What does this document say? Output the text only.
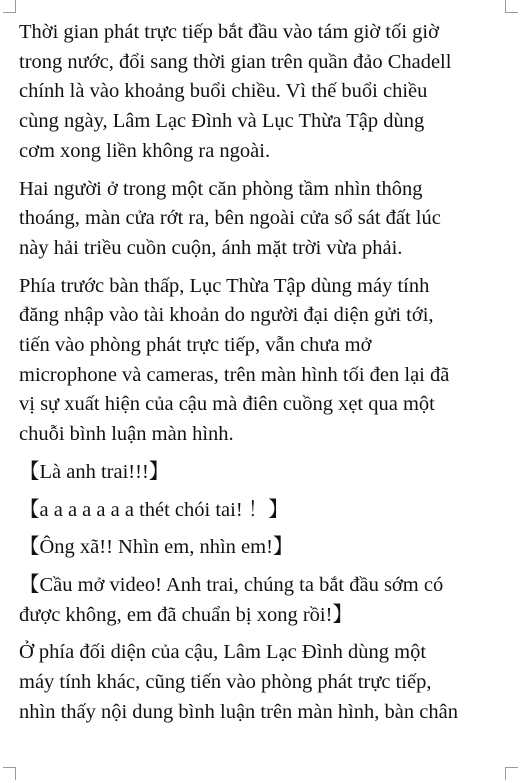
Thời gian phát trực tiếp bắt đầu vào tám giờ tối giờ
trong nước, đổi sang thời gian trên quần đảo Chadell
chính là vào khoảng buổi chiều. Vì thế buổi chiều
cùng ngày, Lâm Lạc Đình và Lục Thừa Tập dùng
cơm xong liền không ra ngoài.

Hai người ở trong một căn phòng tầm nhìn thông
thoáng, màn cửa rớt ra, bên ngoài cửa sổ sát đất lúc
này hải triều cuồn cuộn, ánh mặt trời vừa phải.

Phía trước bàn thấp, Lục Thừa Tập dùng máy tính
đăng nhập vào tài khoản do người đại diện gửi tới,
tiến vào phòng phát trực tiếp, vẫn chưa mở
microphone và cameras, trên màn hình tối đen lại đã
vị sự xuất hiện của cậu mà điên cuồng xẹt qua một
chuỗi bình luận màn hình.

【Là anh trai!!!】

【a a a a a a a thét chói tai! ！】

【Ông xã!! Nhìn em, nhìn em!】

【Cầu mở video! Anh trai, chúng ta bắt đầu sớm có
được không, em đã chuẩn bị xong rồi!】

Ở phía đối diện của cậu, Lâm Lạc Đình dùng một
máy tính khác, cũng tiến vào phòng phát trực tiếp,
nhìn thấy nội dung bình luận trên màn hình, bàn chân
